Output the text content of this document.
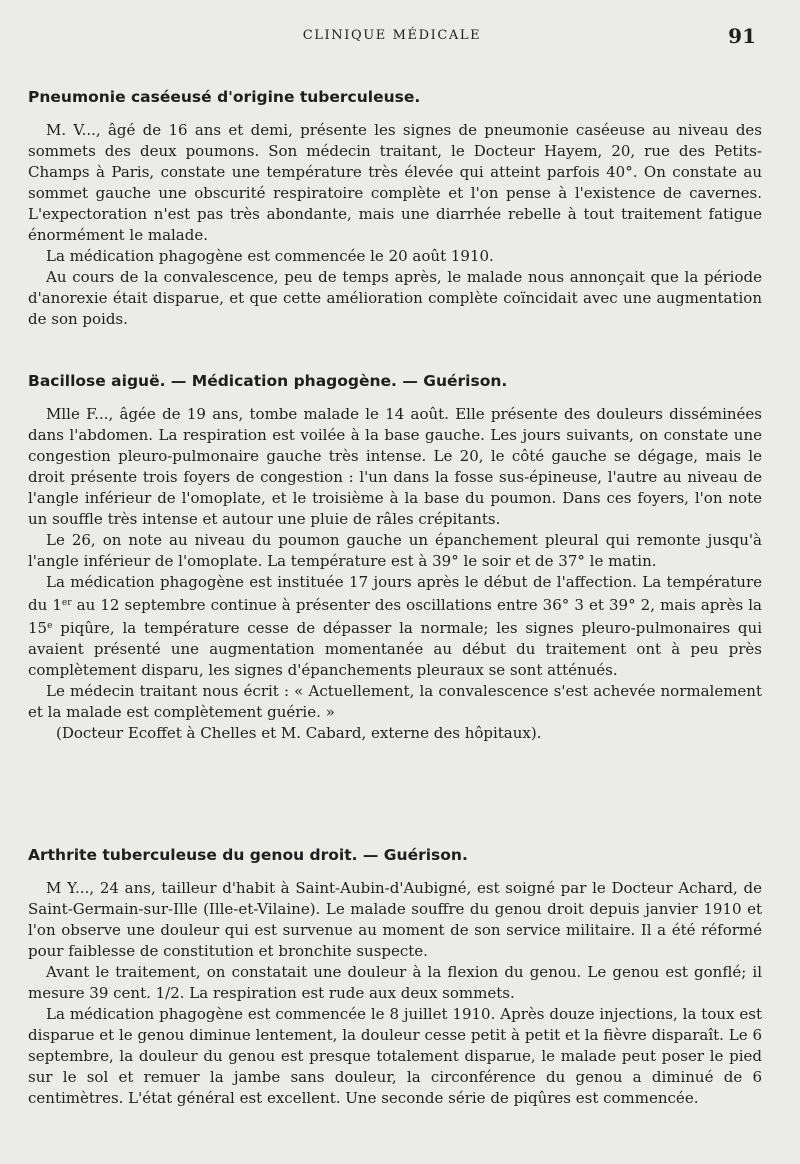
CLINIQUE MÉDICALE	91
Pneumonie caséeusé d'origine tuberculeuse.

M. V..., âgé de 16 ans et demi, présente les signes de pneumonie caséeuse au niveau des sommets des deux poumons. Son médecin traitant, le Docteur Hayem, 20, rue des Petits-Champs à Paris, constate une température très élevée qui atteint parfois 40°. On constate au sommet gauche une obscurité respiratoire complète et l'on pense à l'existence de cavernes. L'expectoration n'est pas très abondante, mais une diarrhée rebelle à tout traitement fatigue énormément le malade.

La médication phagogène est commencée le 20 août 1910.

Au cours de la convalescence, peu de temps après, le malade nous annonçait que la période d'anorexie était disparue, et que cette amélioration complète coïncidait avec une augmentation de son poids.

Bacillose aiguë. — Médication phagogène. — Guérison.

Mlle F..., âgée de 19 ans, tombe malade le 14 août. Elle présente des douleurs disséminées dans l'abdomen. La respiration est voilée à la base gauche. Les jours suivants, on constate une congestion pleuro-pulmonaire gauche très intense. Le 20, le côté gauche se dégage, mais le droit présente trois foyers de congestion : l'un dans la fosse sus-épineuse, l'autre au niveau de l'angle inférieur de l'omoplate, et le troisième à la base du poumon. Dans ces foyers, l'on note un souffle très intense et autour une pluie de râles crépitants.

Le 26, on note au niveau du poumon gauche un épanchement pleural qui remonte jusqu'à l'angle inférieur de l'omoplate. La température est à 39° le soir et de 37° le matin.

La médication phagogène est instituée 17 jours après le début de l'affection. La température du 1er au 12 septembre continue à présenter des oscillations entre 36° 3 et 39° 2, mais après la 15e piqûre, la température cesse de dépasser la normale; les signes pleuro-pulmonaires qui avaient présenté une augmentation momentanée au début du traitement ont à peu près complètement disparu, les signes d'épanchements pleuraux se sont atténués.

Le médecin traitant nous écrit : « Actuellement, la convalescence s'est achevée normalement et la malade est complètement guérie. »

(Docteur Ecoffet à Chelles et M. Cabard, externe des hôpitaux).

Arthrite tuberculeuse du genou droit. — Guérison.

M Y..., 24 ans, tailleur d'habit à Saint-Aubin-d'Aubigné, est soigné par le Docteur Achard, de Saint-Germain-sur-Ille (Ille-et-Vilaine). Le malade souffre du genou droit depuis janvier 1910 et l'on observe une douleur qui est survenue au moment de son service militaire. Il a été réformé pour faiblesse de constitution et bronchite suspecte.

Avant le traitement, on constatait une douleur à la flexion du genou. Le genou est gonflé; il mesure 39 cent. 1/2. La respiration est rude aux deux sommets.

La médication phagogène est commencée le 8 juillet 1910. Après douze injections, la toux est disparue et le genou diminue lentement, la douleur cesse petit à petit et la fièvre disparaît. Le 6 septembre, la douleur du genou est presque totalement disparue, le malade peut poser le pied sur le sol et remuer la jambe sans douleur, la circonférence du genou a diminué de 6 centimètres. L'état général est excellent. Une seconde série de piqûres est commencée.
